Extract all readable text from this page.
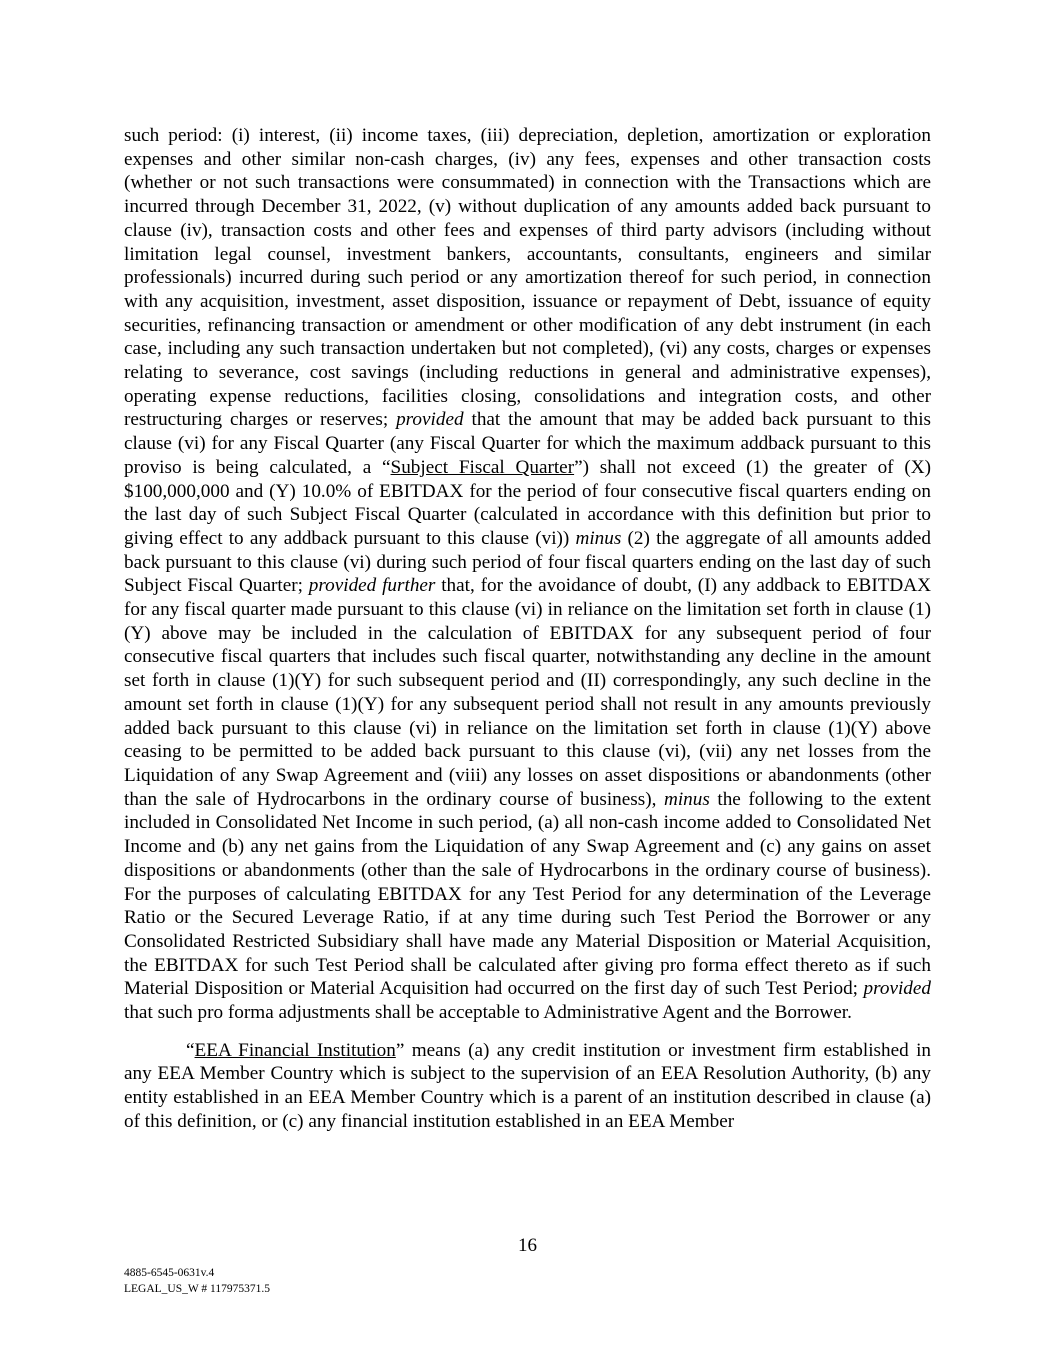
such period: (i) interest, (ii) income taxes, (iii) depreciation, depletion, amortization or exploration expenses and other similar non-cash charges, (iv) any fees, expenses and other transaction costs (whether or not such transactions were consummated) in connection with the Transactions which are incurred through December 31, 2022, (v) without duplication of any amounts added back pursuant to clause (iv), transaction costs and other fees and expenses of third party advisors (including without limitation legal counsel, investment bankers, accountants, consultants, engineers and similar professionals) incurred during such period or any amortization thereof for such period, in connection with any acquisition, investment, asset disposition, issuance or repayment of Debt, issuance of equity securities, refinancing transaction or amendment or other modification of any debt instrument (in each case, including any such transaction undertaken but not completed), (vi) any costs, charges or expenses relating to severance, cost savings (including reductions in general and administrative expenses), operating expense reductions, facilities closing, consolidations and integration costs, and other restructuring charges or reserves; provided that the amount that may be added back pursuant to this clause (vi) for any Fiscal Quarter (any Fiscal Quarter for which the maximum addback pursuant to this proviso is being calculated, a “Subject Fiscal Quarter”) shall not exceed (1) the greater of (X) $100,000,000 and (Y) 10.0% of EBITDAX for the period of four consecutive fiscal quarters ending on the last day of such Subject Fiscal Quarter (calculated in accordance with this definition but prior to giving effect to any addback pursuant to this clause (vi)) minus (2) the aggregate of all amounts added back pursuant to this clause (vi) during such period of four fiscal quarters ending on the last day of such Subject Fiscal Quarter; provided further that, for the avoidance of doubt, (I) any addback to EBITDAX for any fiscal quarter made pursuant to this clause (vi) in reliance on the limitation set forth in clause (1)(Y) above may be included in the calculation of EBITDAX for any subsequent period of four consecutive fiscal quarters that includes such fiscal quarter, notwithstanding any decline in the amount set forth in clause (1)(Y) for such subsequent period and (II) correspondingly, any such decline in the amount set forth in clause (1)(Y) for any subsequent period shall not result in any amounts previously added back pursuant to this clause (vi) in reliance on the limitation set forth in clause (1)(Y) above ceasing to be permitted to be added back pursuant to this clause (vi), (vii) any net losses from the Liquidation of any Swap Agreement and (viii) any losses on asset dispositions or abandonments (other than the sale of Hydrocarbons in the ordinary course of business), minus the following to the extent included in Consolidated Net Income in such period, (a) all non-cash income added to Consolidated Net Income and (b) any net gains from the Liquidation of any Swap Agreement and (c) any gains on asset dispositions or abandonments (other than the sale of Hydrocarbons in the ordinary course of business). For the purposes of calculating EBITDAX for any Test Period for any determination of the Leverage Ratio or the Secured Leverage Ratio, if at any time during such Test Period the Borrower or any Consolidated Restricted Subsidiary shall have made any Material Disposition or Material Acquisition, the EBITDAX for such Test Period shall be calculated after giving pro forma effect thereto as if such Material Disposition or Material Acquisition had occurred on the first day of such Test Period; provided that such pro forma adjustments shall be acceptable to Administrative Agent and the Borrower.

“EEA Financial Institution” means (a) any credit institution or investment firm established in any EEA Member Country which is subject to the supervision of an EEA Resolution Authority, (b) any entity established in an EEA Member Country which is a parent of an institution described in clause (a) of this definition, or (c) any financial institution established in an EEA Member

16
4885-6545-0631v.4
LEGAL_US_W # 117975371.5
